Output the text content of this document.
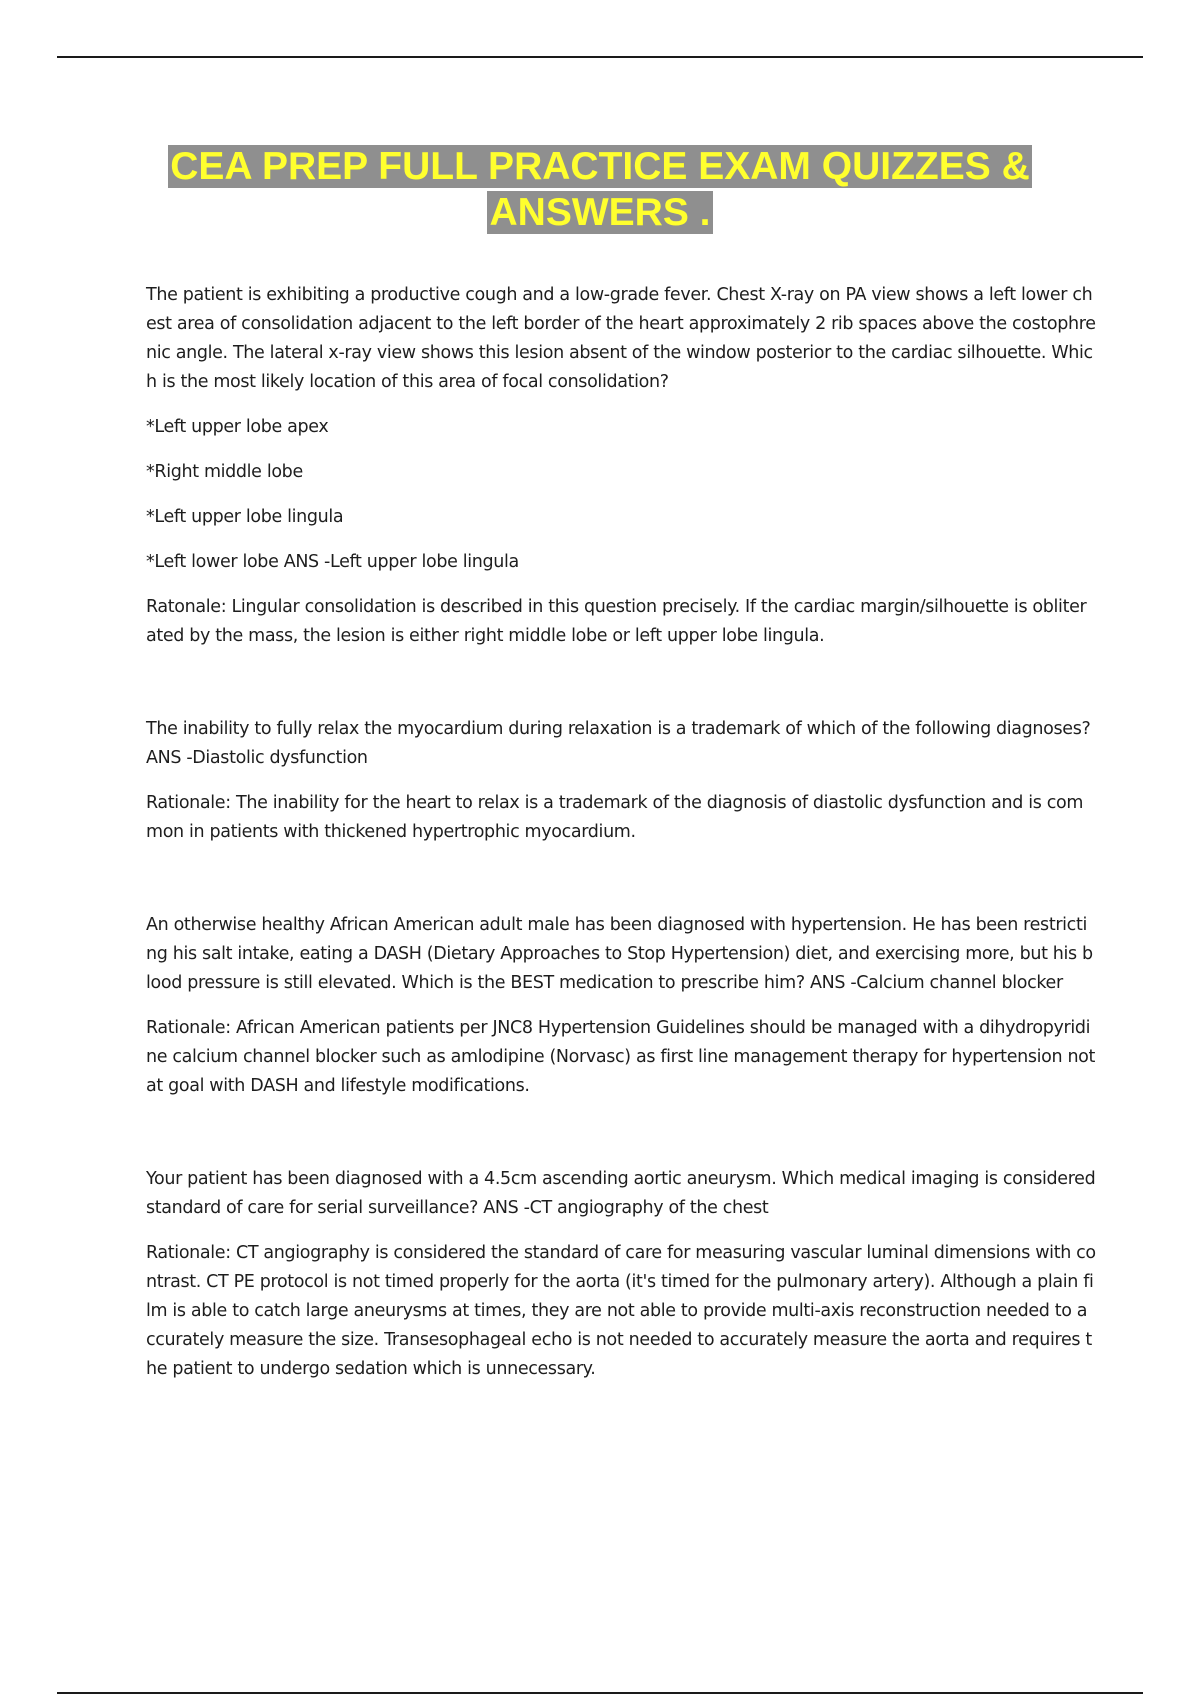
CEA PREP FULL PRACTICE EXAM QUIZZES &
ANSWERS .

The patient is exhibiting a productive cough and a low-grade fever. Chest X-ray on PA view shows a left lower chest area of consolidation adjacent to the left border of the heart approximately 2 rib spaces above the costophrenic angle. The lateral x-ray view shows this lesion absent of the window posterior to the cardiac silhouette. Which is the most likely location of this area of focal consolidation?

*Left upper lobe apex

*Right middle lobe

*Left upper lobe lingula

*Left lower lobe ANS -Left upper lobe lingula

Ratonale: Lingular consolidation is described in this question precisely. If the cardiac margin/silhouette is obliterated by the mass, the lesion is either right middle lobe or left upper lobe lingula.

The inability to fully relax the myocardium during relaxation is a trademark of which of the following diagnoses? ANS -Diastolic dysfunction

Rationale: The inability for the heart to relax is a trademark of the diagnosis of diastolic dysfunction and is common in patients with thickened hypertrophic myocardium.

An otherwise healthy African American adult male has been diagnosed with hypertension. He has been restricting his salt intake, eating a DASH (Dietary Approaches to Stop Hypertension) diet, and exercising more, but his blood pressure is still elevated. Which is the BEST medication to prescribe him? ANS -Calcium channel blocker

Rationale: African American patients per JNC8 Hypertension Guidelines should be managed with a dihydropyridine calcium channel blocker such as amlodipine (Norvasc) as first line management therapy for hypertension not at goal with DASH and lifestyle modifications.

Your patient has been diagnosed with a 4.5cm ascending aortic aneurysm. Which medical imaging is considered standard of care for serial surveillance? ANS -CT angiography of the chest

Rationale: CT angiography is considered the standard of care for measuring vascular luminal dimensions with contrast. CT PE protocol is not timed properly for the aorta (it's timed for the pulmonary artery). Although a plain film is able to catch large aneurysms at times, they are not able to provide multi-axis reconstruction needed to accurately measure the size. Transesophageal echo is not needed to accurately measure the aorta and requires the patient to undergo sedation which is unnecessary.
